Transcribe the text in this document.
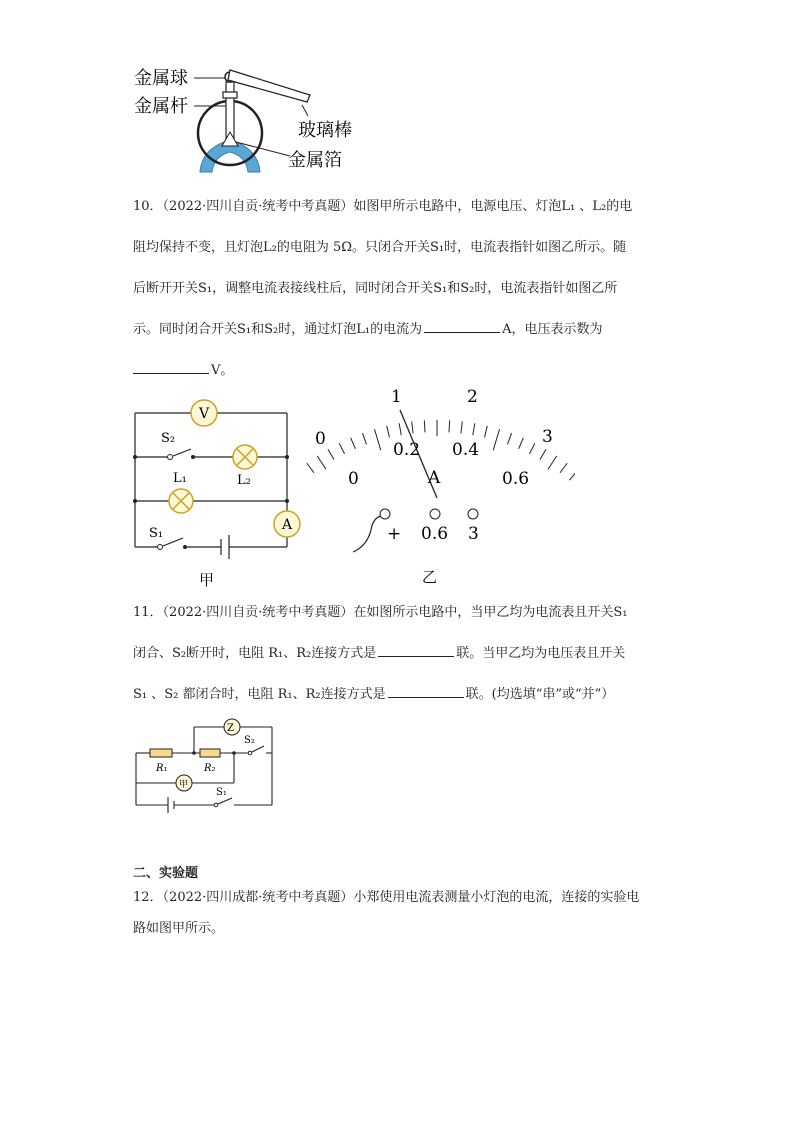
金属球
金属杆
玻璃棒
金属箔
10．（2022·四川自贡·统考中考真题）如图甲所示电路中，电源电压、灯泡L₁ 、L₂的电
阻均保持不变，且灯泡L₂的电阻为 5Ω。只闭合开关S₁时，电流表指针如图乙所示。随
后断开开关S₁，调整电流表接线柱后，同时闭合开关S₁和S₂时，电流表指针如图乙所
示。同时闭合开关S₁和S₂时，通过灯泡L₁的电流为	A，电压表示数为
V。
V
A
S₂
L₁	L₂
S₁
甲
0
1	2
3
0
0.2 0.4
0.6
A
+ 0.6 3
乙
11．（2022·四川自贡·统考中考真题）在如图所示电路中，当甲乙均为电流表且开关S₁
闭合、S₂断开时，电阻 R₁、R₂连接方式是	联。当甲乙均为电压表且开关
S₁ 、S₂ 都闭合时，电阻 R₁、R₂连接方式是	联。(均选填“串”或“并”）
Z
甲
R₁	R₂
S₂
S₁
二、实验题
12．（2022·四川成都·统考中考真题）小郑使用电流表测量小灯泡的电流，连接的实验电
路如图甲所示。
